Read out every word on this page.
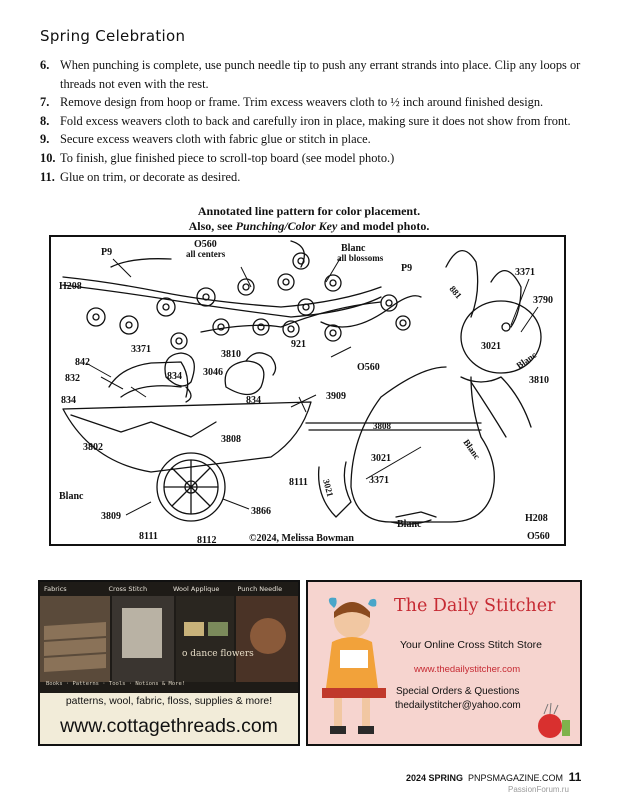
Spring Celebration
6. When punching is complete, use punch needle tip to push any errant strands into place. Clip any loops or threads not even with the rest.
7. Remove design from hoop or frame. Trim excess weavers cloth to ½ inch around finished design.
8. Fold excess weavers cloth to back and carefully iron in place, making sure it does not show from front.
9. Secure excess weavers cloth with fabric glue or stitch in place.
10. To finish, glue finished piece to scroll-top board (see model photo.)
11. Glue on trim, or decorate as desired.
Annotated line pattern for color placement.
Also, see Punching/Color Key and model photo.
P9
O560
all centers	Blanc
all blossoms
P9
H208
3371
881	3790
3021
Blanc
3810
921
3371	3810
O560
842
832	834
834	834
3046
3909
3808
3808
3802	Blanc
3021
3371
8111 3021
Blanc
3809	3866
Blanc
H208
8111	8112	©2024, Melissa Bowman	O560
Fabrics	Cross Stitch	Wool Applique	Punch Needle
o dance flowers
Books · Patterns · Tools · Notions & More!
patterns, wool, fabric, floss, supplies & more!
www.cottagethreads.com
The Daily Stitcher
Your Online Cross Stitch Store
www.thedailystitcher.com
Special Orders & Questions
thedailystitcher@yahoo.com
2024 SPRING PNPSMAGAZINE.COM 11
PassionForum.ru
